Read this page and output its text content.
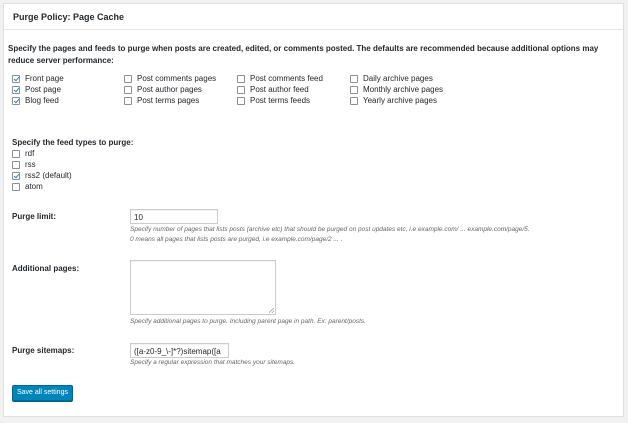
Purge Policy: Page Cache
Specify the pages and feeds to purge when posts are created, edited, or comments posted. The defaults are recommended because additional options may reduce server performance:
Front page
Post page
Blog feed
Post comments pages
Post author pages
Post terms pages
Post comments feed
Post author feed
Post terms feeds
Daily archive pages
Monthly archive pages
Yearly archive pages
Specify the feed types to purge:
rdf
rss
rss2 (default)
atom
Purge limit:	10
Specify number of pages that lists posts (archive etc) that should be purged on post updates etc, i.e example.com/ ... example.com/page/5.
0 means all pages that lists posts are purged, i.e example.com/page/2 ... .
Additional pages:
Specify additional pages to purge. Including parent page in path. Ex: parent/posts.
Purge sitemaps:	([a-z0-9_\-]*?)sitemap([a
Specify a regular expression that matches your sitemaps.
Save all settings
